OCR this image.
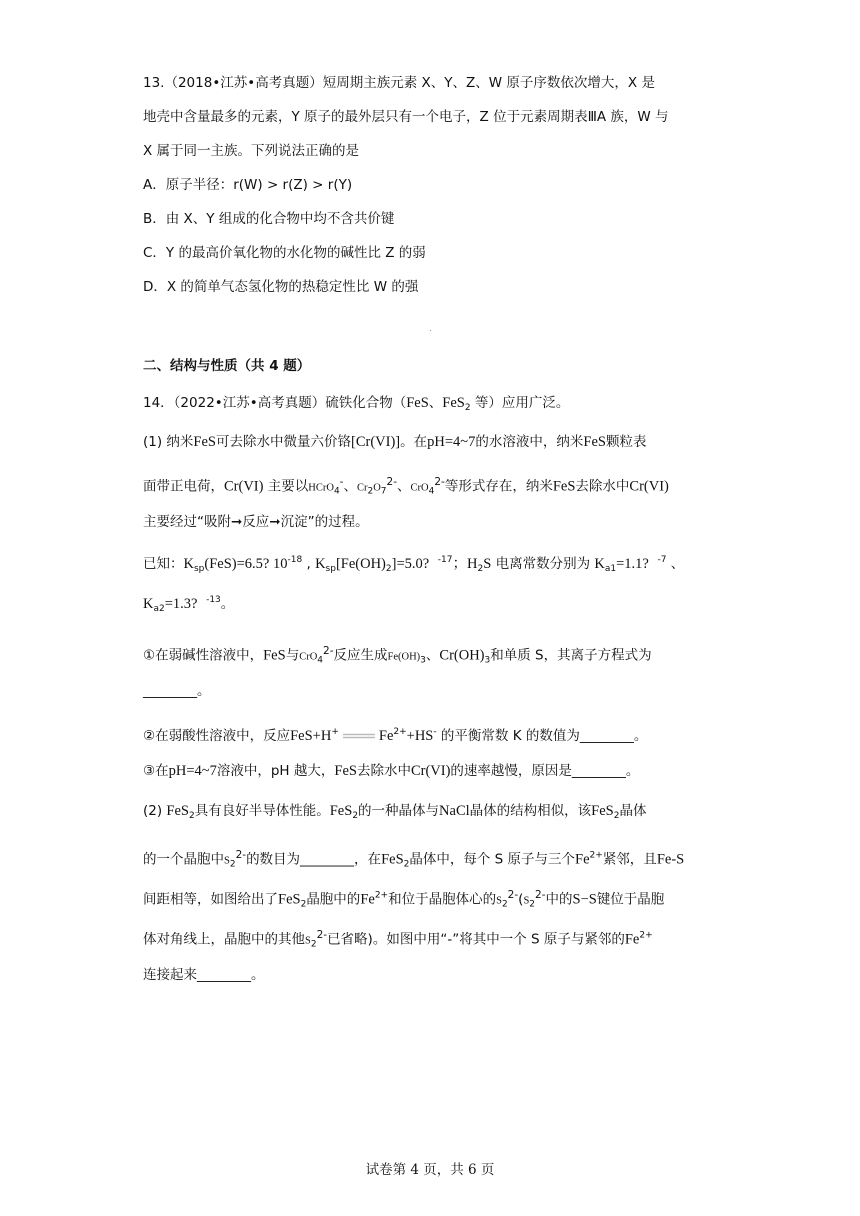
13.（2018•江苏•高考真题）短周期主族元素 X、Y、Z、W 原子序数依次增大，X 是
地壳中含量最多的元素，Y 原子的最外层只有一个电子，Z 位于元素周期表ⅢA 族，W 与
X 属于同一主族。下列说法正确的是
A．原子半径：r(W) > r(Z) > r(Y)
B．由 X、Y 组成的化合物中均不含共价键
C．Y 的最高价氧化物的水化物的碱性比 Z 的弱
D．X 的简单气态氢化物的热稳定性比 W 的强
二、结构与性质（共 4 题）
14．（2022•江苏•高考真题）硫铁化合物（FeS、FeS$_2$ 等）应用广泛。
(1) 纳米FeS可去除水中微量六价铬[Cr(VI)]。在pH=4~7的水溶液中，纳米FeS颗粒表
面带正电荷，Cr(VI) 主要以HCrO$_4$-、$Cr_2O_7^{2-}$、CrO$_4^{2-}$等形式存在，纳米FeS去除水中Cr(VI)
主要经过“吸附➞反应➞沉淀”的过程。
已知：$K_{sp}(FeS)=6.5$? $10^{-18}$ , $K_{sp}[Fe(OH)_2]=5.0$? $^{-17}$；$H_2S$ 电离常数分别为 $K_{a1}=1.1$? $^{-7}$ 、
$K_{a2}=1.3$? $^{-13}$。
①在弱碱性溶液中，FeS与CrO$_4^{2-}$反应生成$Fe(OH)_3$、$Cr(OH)_3$和单质 S，其离子方程式为
________。
②在弱酸性溶液中，反应FeS+H+	$Fe^{2+}+HS^-$ 的平衡常数 K 的数值为________。
③在pH=4~7溶液中，pH 越大，FeS去除水中Cr(VI)的速率越慢，原因是________。
(2) FeS$_2$具有良好半导体性能。FeS$_2$的一种晶体与NaCl晶体的结构相似，该FeS$_2$晶体
的一个晶胞中$S_2^{2-}$的数目为________，在FeS$_2$晶体中，每个 S 原子与三个$Fe^{2+}$紧邻，且Fe-S
间距相等，如图给出了FeS$_2$晶胞中的$Fe^{2+}$和位于晶胞体心的$S_2^{2-}(S_2^{2-}$中的S−S键位于晶胞
体对角线上，晶胞中的其他$S_2^{2-}$已省略)。如图中用“-”将其中一个 S 原子与紧邻的$Fe^{2+}$
连接起来________。
试卷第 4 页，共 6 页
